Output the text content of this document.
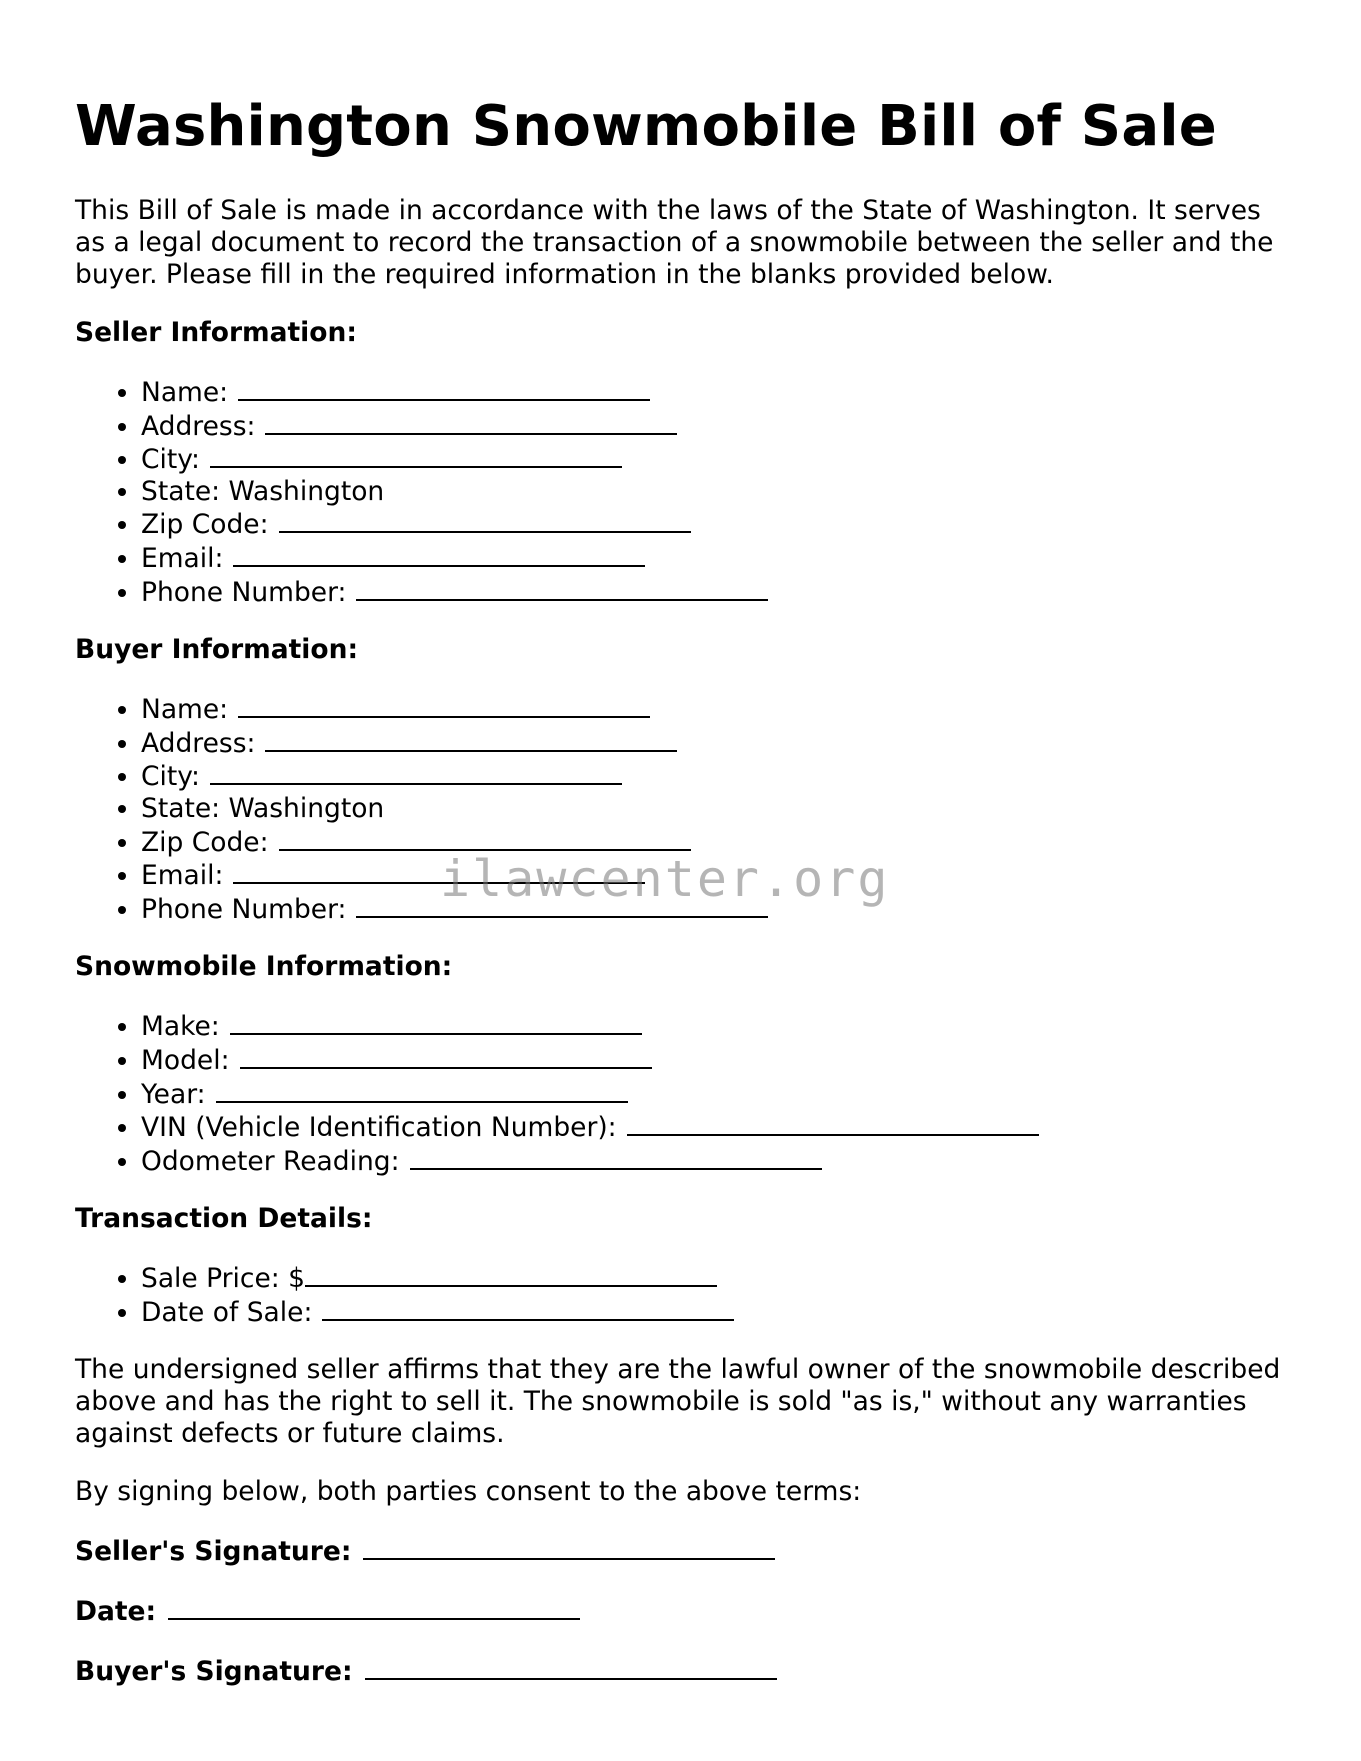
Washington Snowmobile Bill of Sale

This Bill of Sale is made in accordance with the laws of the State of Washington. It serves as a legal document to record the transaction of a snowmobile between the seller and the buyer. Please fill in the required information in the blanks provided below.

Seller Information:
• Name:
• Address:
• City:
• State: Washington
• Zip Code:
• Email:
• Phone Number:
Buyer Information:
• Name:
• Address:
• City:
• State: Washington
• Zip Code:
• Email:
• Phone Number:
Snowmobile Information:
• Make:
• Model:
• Year:
• VIN (Vehicle Identification Number):
• Odometer Reading:
Transaction Details:
• Sale Price: $
• Date of Sale:

The undersigned seller affirms that they are the lawful owner of the snowmobile described above and has the right to sell it. The snowmobile is sold "as is," without any warranties against defects or future claims.

By signing below, both parties consent to the above terms:

Seller's Signature:
Date:
Buyer's Signature:
ilawcenter.org
